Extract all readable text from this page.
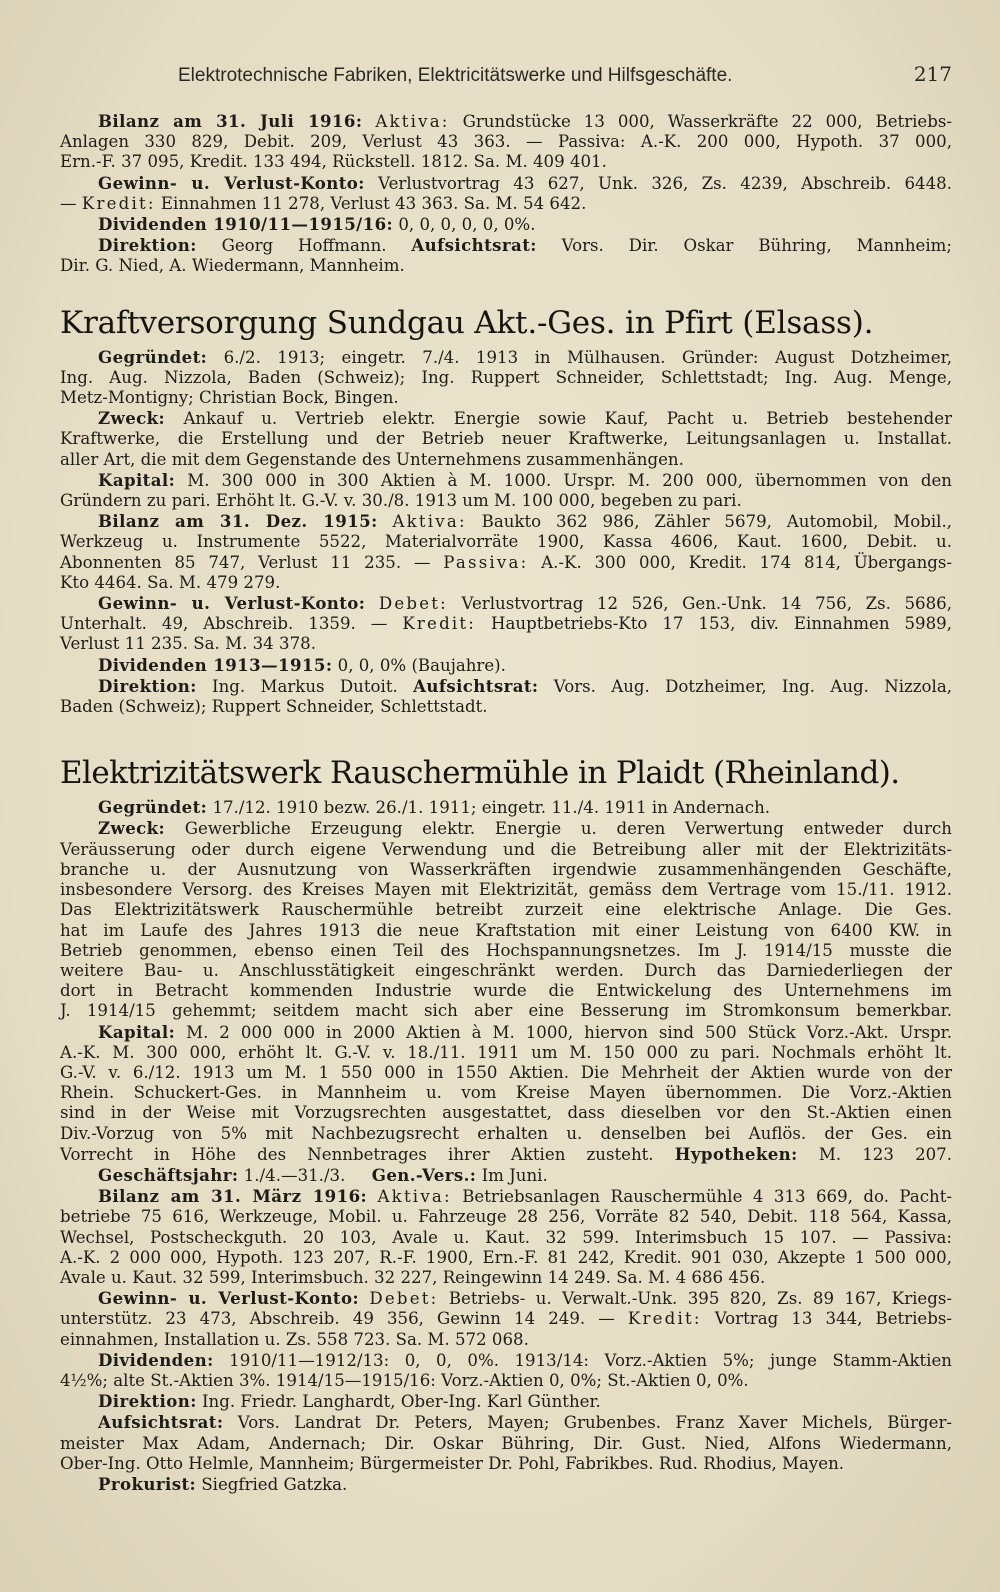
Elektrotechnische Fabriken, Elektricitätswerke und Hilfsgeschäfte.	217

Bilanz am 31. Juli 1916: Aktiva: Grundstücke 13 000, Wasserkräfte 22 000, Betriebs-

Anlagen 330 829, Debit. 209, Verlust 43 363. — Passiva: A.-K. 200 000, Hypoth. 37 000,

Ern.-F. 37 095, Kredit. 133 494, Rückstell. 1812. Sa. M. 409 401.

Gewinn- u. Verlust-Konto: Verlustvortrag 43 627, Unk. 326, Zs. 4239, Abschreib. 6448.

— Kredit: Einnahmen 11 278, Verlust 43 363. Sa. M. 54 642.

Dividenden 1910/11—1915/16: 0, 0, 0, 0, 0, 0%.

Direktion: Georg Hoffmann. Aufsichtsrat: Vors. Dir. Oskar Bühring, Mannheim;

Dir. G. Nied, A. Wiedermann, Mannheim.

Kraftversorgung Sundgau Akt.-Ges. in Pfirt (Elsass).

Gegründet: 6./2. 1913; eingetr. 7./4. 1913 in Mülhausen. Gründer: August Dotzheimer,

Ing. Aug. Nizzola, Baden (Schweiz); Ing. Ruppert Schneider, Schlettstadt; Ing. Aug. Menge,

Metz-Montigny; Christian Bock, Bingen.

Zweck: Ankauf u. Vertrieb elektr. Energie sowie Kauf, Pacht u. Betrieb bestehender

Kraftwerke, die Erstellung und der Betrieb neuer Kraftwerke, Leitungsanlagen u. Installat.

aller Art, die mit dem Gegenstande des Unternehmens zusammenhängen.

Kapital: M. 300 000 in 300 Aktien à M. 1000. Urspr. M. 200 000, übernommen von den

Gründern zu pari. Erhöht lt. G.-V. v. 30./8. 1913 um M. 100 000, begeben zu pari.

Bilanz am 31. Dez. 1915: Aktiva: Baukto 362 986, Zähler 5679, Automobil, Mobil.,

Werkzeug u. Instrumente 5522, Materialvorräte 1900, Kassa 4606, Kaut. 1600, Debit. u.

Abonnenten 85 747, Verlust 11 235. — Passiva: A.-K. 300 000, Kredit. 174 814, Übergangs-

Kto 4464. Sa. M. 479 279.

Gewinn- u. Verlust-Konto: Debet: Verlustvortrag 12 526, Gen.-Unk. 14 756, Zs. 5686,

Unterhalt. 49, Abschreib. 1359. — Kredit: Hauptbetriebs-Kto 17 153, div. Einnahmen 5989,

Verlust 11 235. Sa. M. 34 378.

Dividenden 1913—1915: 0, 0, 0% (Baujahre).

Direktion: Ing. Markus Dutoit. Aufsichtsrat: Vors. Aug. Dotzheimer, Ing. Aug. Nizzola,

Baden (Schweiz); Ruppert Schneider, Schlettstadt.

Elektrizitätswerk Rauschermühle in Plaidt (Rheinland).

Gegründet: 17./12. 1910 bezw. 26./1. 1911; eingetr. 11./4. 1911 in Andernach.

Zweck: Gewerbliche Erzeugung elektr. Energie u. deren Verwertung entweder durch

Veräusserung oder durch eigene Verwendung und die Betreibung aller mit der Elektrizitäts-

branche u. der Ausnutzung von Wasserkräften irgendwie zusammenhängenden Geschäfte,

insbesondere Versorg. des Kreises Mayen mit Elektrizität, gemäss dem Vertrage vom 15./11. 1912.

Das Elektrizitätswerk Rauschermühle betreibt zurzeit eine elektrische Anlage. Die Ges.

hat im Laufe des Jahres 1913 die neue Kraftstation mit einer Leistung von 6400 KW. in

Betrieb genommen, ebenso einen Teil des Hochspannungsnetzes. Im J. 1914/15 musste die

weitere Bau- u. Anschlusstätigkeit eingeschränkt werden. Durch das Darniederliegen der

dort in Betracht kommenden Industrie wurde die Entwickelung des Unternehmens im

J. 1914/15 gehemmt; seitdem macht sich aber eine Besserung im Stromkonsum bemerkbar.

Kapital: M. 2 000 000 in 2000 Aktien à M. 1000, hiervon sind 500 Stück Vorz.-Akt. Urspr.

A.-K. M. 300 000, erhöht lt. G.-V. v. 18./11. 1911 um M. 150 000 zu pari. Nochmals erhöht lt.

G.-V. v. 6./12. 1913 um M. 1 550 000 in 1550 Aktien. Die Mehrheit der Aktien wurde von der

Rhein. Schuckert-Ges. in Mannheim u. vom Kreise Mayen übernommen. Die Vorz.-Aktien

sind in der Weise mit Vorzugsrechten ausgestattet, dass dieselben vor den St.-Aktien einen

Div.-Vorzug von 5% mit Nachbezugsrecht erhalten u. denselben bei Auflös. der Ges. ein

Vorrecht in Höhe des Nennbetrages ihrer Aktien zusteht. Hypotheken: M. 123 207.

Geschäftsjahr: 1./4.—31./3. Gen.-Vers.: Im Juni.

Bilanz am 31. März 1916: Aktiva: Betriebsanlagen Rauschermühle 4 313 669, do. Pacht-

betriebe 75 616, Werkzeuge, Mobil. u. Fahrzeuge 28 256, Vorräte 82 540, Debit. 118 564, Kassa,

Wechsel, Postscheckguth. 20 103, Avale u. Kaut. 32 599. Interimsbuch 15 107. — Passiva:

A.-K. 2 000 000, Hypoth. 123 207, R.-F. 1900, Ern.-F. 81 242, Kredit. 901 030, Akzepte 1 500 000,

Avale u. Kaut. 32 599, Interimsbuch. 32 227, Reingewinn 14 249. Sa. M. 4 686 456.

Gewinn- u. Verlust-Konto: Debet: Betriebs- u. Verwalt.-Unk. 395 820, Zs. 89 167, Kriegs-

unterstütz. 23 473, Abschreib. 49 356, Gewinn 14 249. — Kredit: Vortrag 13 344, Betriebs-

einnahmen, Installation u. Zs. 558 723. Sa. M. 572 068.

Dividenden: 1910/11—1912/13: 0, 0, 0%. 1913/14: Vorz.-Aktien 5%; junge Stamm-Aktien

4½%; alte St.-Aktien 3%. 1914/15—1915/16: Vorz.-Aktien 0, 0%; St.-Aktien 0, 0%.

Direktion: Ing. Friedr. Langhardt, Ober-Ing. Karl Günther.

Aufsichtsrat: Vors. Landrat Dr. Peters, Mayen; Grubenbes. Franz Xaver Michels, Bürger-

meister Max Adam, Andernach; Dir. Oskar Bühring, Dir. Gust. Nied, Alfons Wiedermann,

Ober-Ing. Otto Helmle, Mannheim; Bürgermeister Dr. Pohl, Fabrikbes. Rud. Rhodius, Mayen.

Prokurist: Siegfried Gatzka.
